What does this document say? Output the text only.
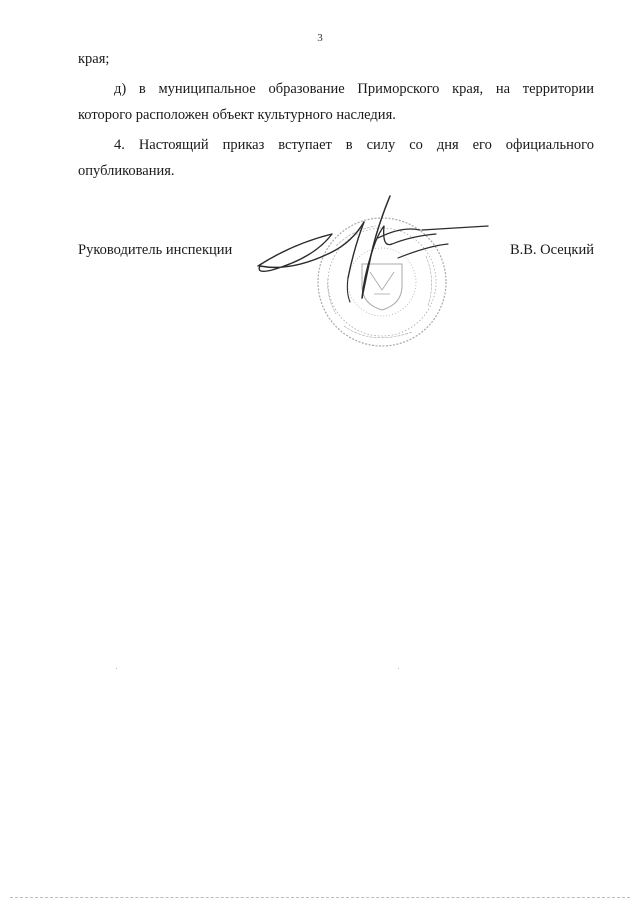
3
края;
д) в муниципальное образование Приморского края, на территории
которого расположен объект культурного наследия.
4. Настоящий приказ вступает в силу со дня его официального
опубликования.
Руководитель инспекции	В.В. Осецкий
